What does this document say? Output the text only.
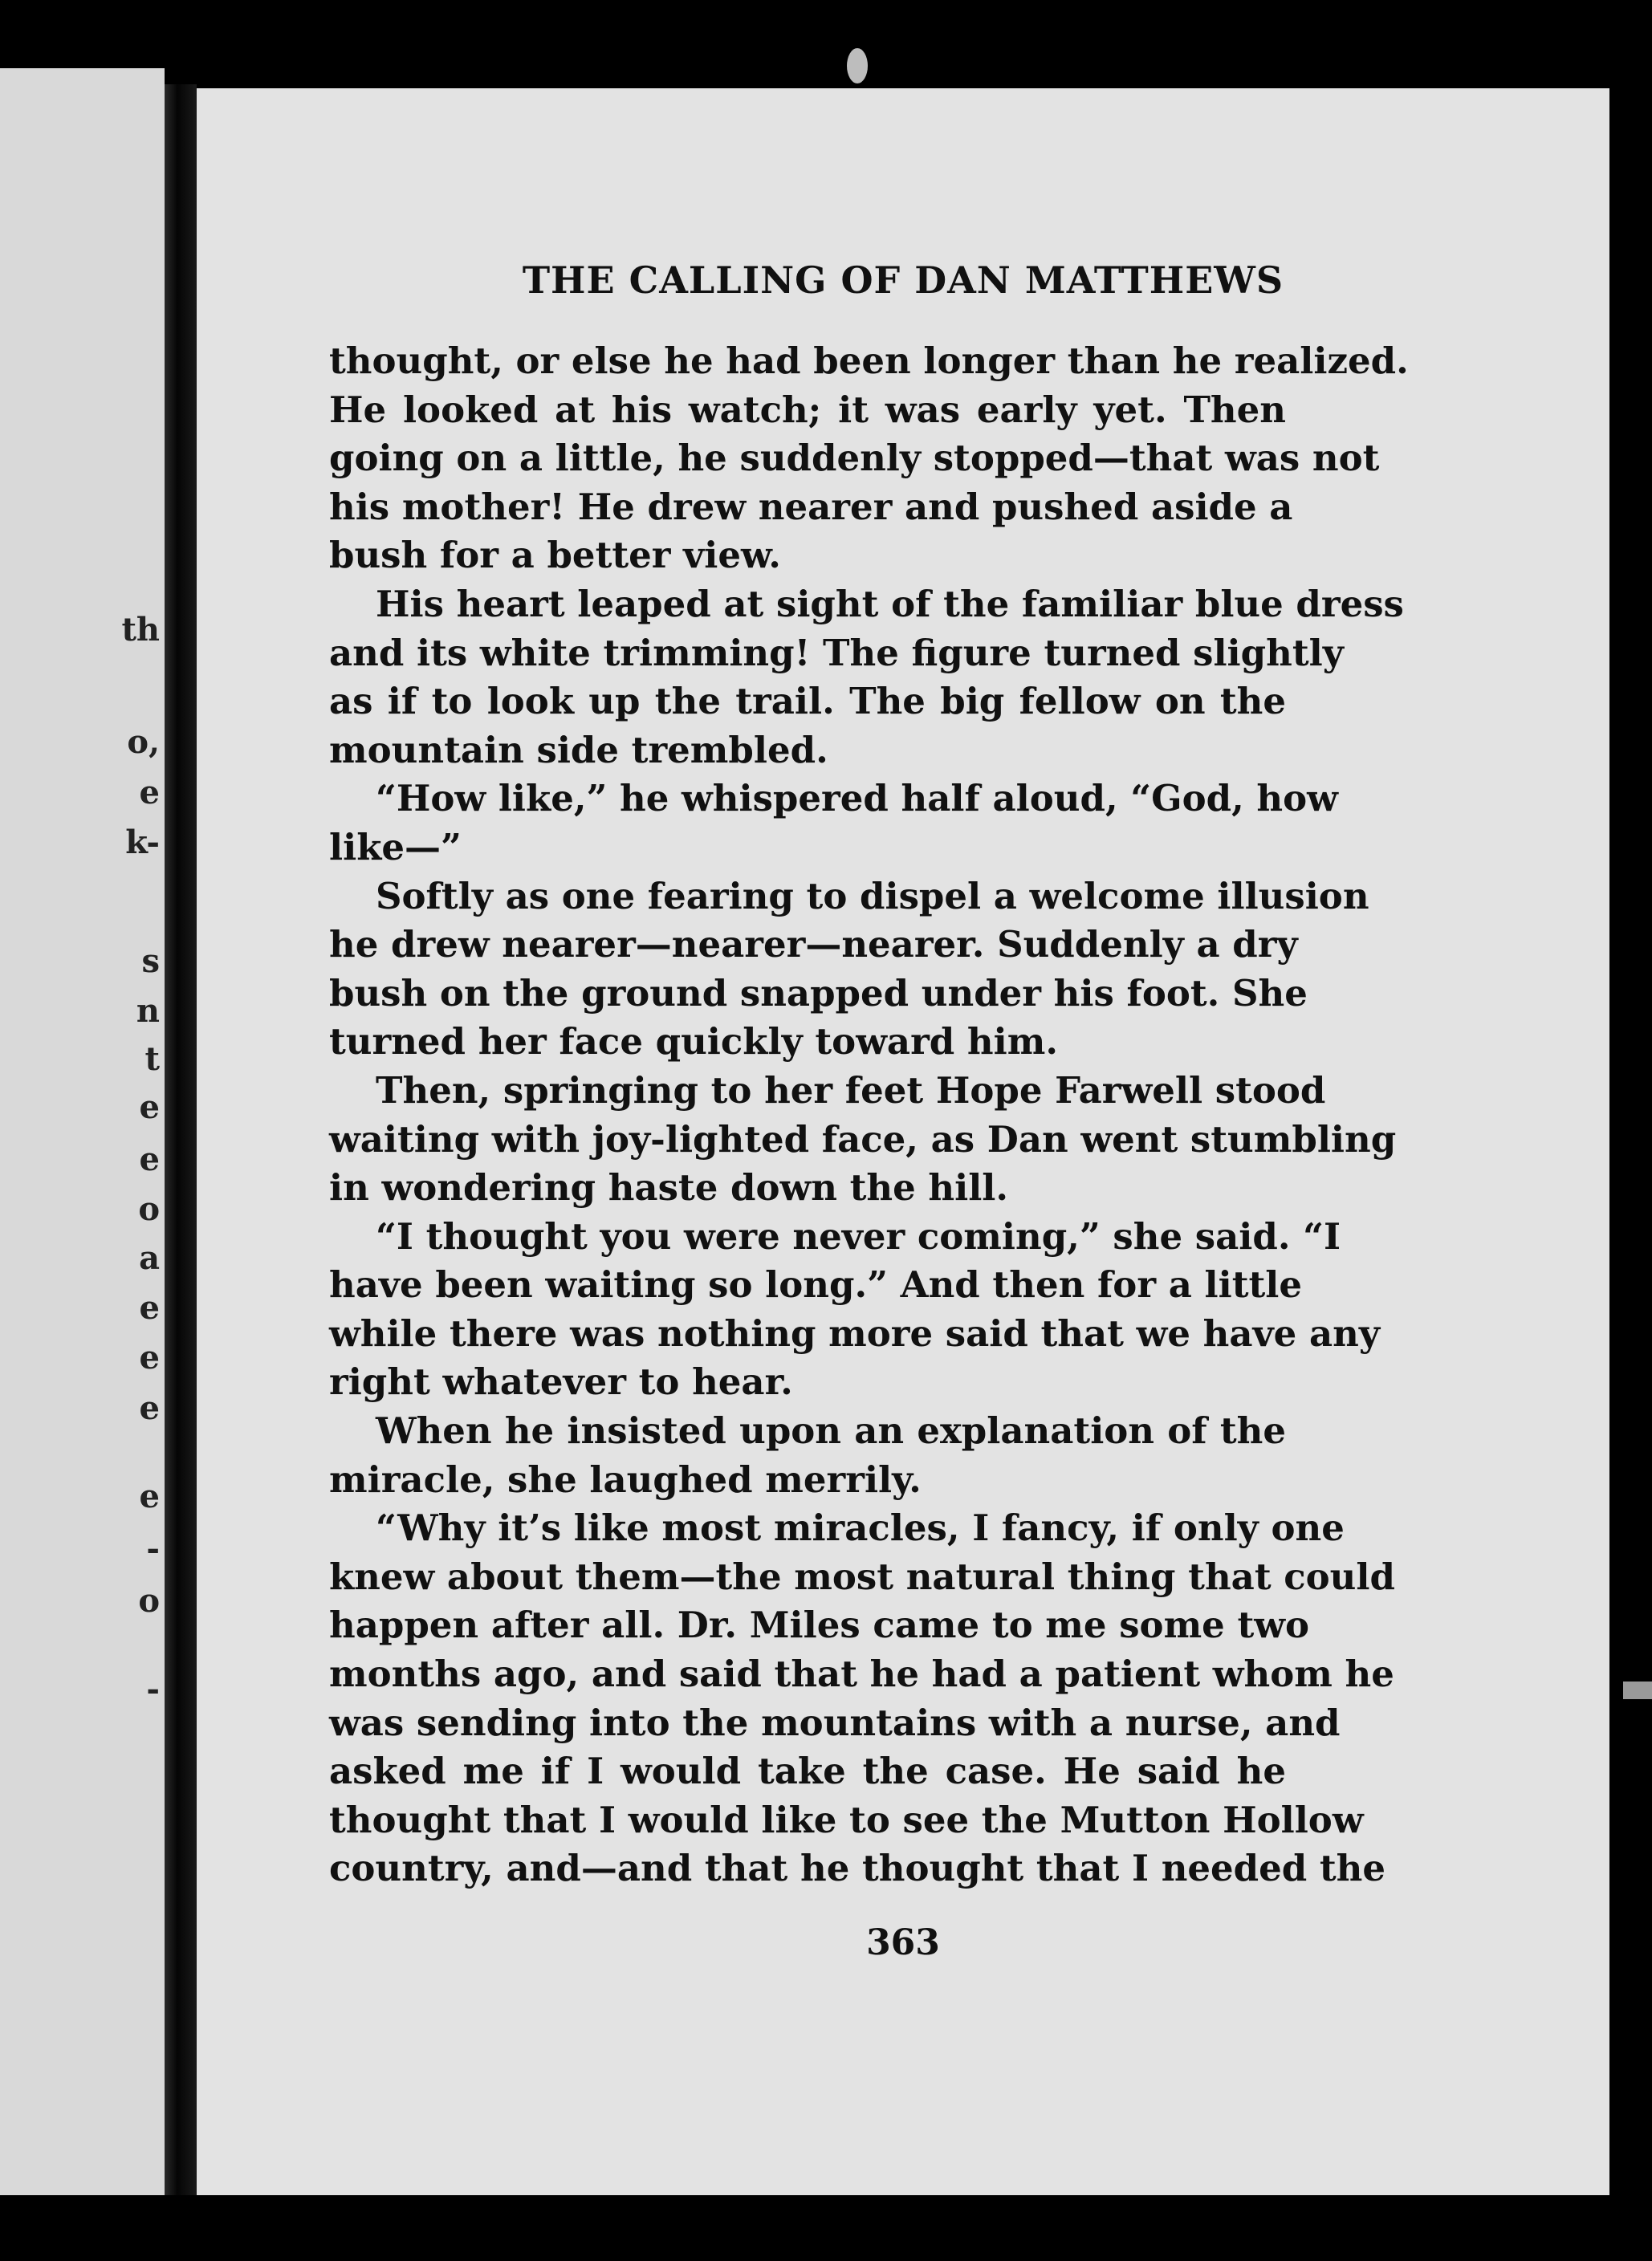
th
o,
e
k-
s
n
t
e
e
o
a
e
e
e
e
-
o
-
THE CALLING OF DAN MATTHEWS
thought, or else he had been longer than he realized.
He looked at his watch; it was early yet. Then
going on a little, he suddenly stopped—that was not
his mother! He drew nearer and pushed aside a
bush for a better view.
His heart leaped at sight of the familiar blue dress
and its white trimming! The figure turned slightly
as if to look up the trail. The big fellow on the
mountain side trembled.
“How like,” he whispered half aloud, “God, how
like—”
Softly as one fearing to dispel a welcome illusion
he drew nearer—nearer—nearer. Suddenly a dry
bush on the ground snapped under his foot. She
turned her face quickly toward him.
Then, springing to her feet Hope Farwell stood
waiting with joy-lighted face, as Dan went stumbling
in wondering haste down the hill.
“I thought you were never coming,” she said. “I
have been waiting so long.” And then for a little
while there was nothing more said that we have any
right whatever to hear.
When he insisted upon an explanation of the
miracle, she laughed merrily.
“Why it’s like most miracles, I fancy, if only one
knew about them—the most natural thing that could
happen after all. Dr. Miles came to me some two
months ago, and said that he had a patient whom he
was sending into the mountains with a nurse, and
asked me if I would take the case. He said he
thought that I would like to see the Mutton Hollow
country, and—and that he thought that I needed the
363
